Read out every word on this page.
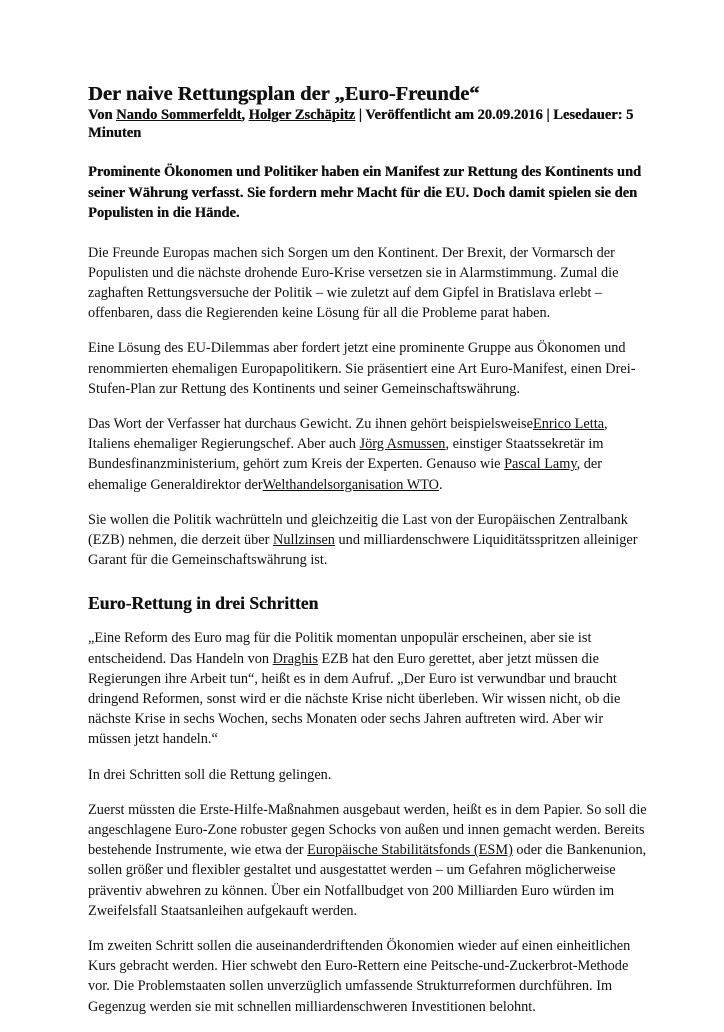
Der naive Rettungsplan der „Euro-Freunde“
Von Nando Sommerfeldt, Holger Zschäpitz | Veröffentlicht am 20.09.2016 | Lesedauer: 5 Minuten
Prominente Ökonomen und Politiker haben ein Manifest zur Rettung des Kontinents und seiner Währung verfasst. Sie fordern mehr Macht für die EU. Doch damit spielen sie den Populisten in die Hände.

Die Freunde Europas machen sich Sorgen um den Kontinent. Der Brexit, der Vormarsch der Populisten und die nächste drohende Euro-Krise versetzen sie in Alarmstimmung. Zumal die zaghaften Rettungsversuche der Politik – wie zuletzt auf dem Gipfel in Bratislava erlebt – offenbaren, dass die Regierenden keine Lösung für all die Probleme parat haben.

Eine Lösung des EU-Dilemmas aber fordert jetzt eine prominente Gruppe aus Ökonomen und renommierten ehemaligen Europapolitikern. Sie präsentiert eine Art Euro-Manifest, einen Drei-Stufen-Plan zur Rettung des Kontinents und seiner Gemeinschaftswährung.

Das Wort der Verfasser hat durchaus Gewicht. Zu ihnen gehört beispielsweiseEnrico Letta, Italiens ehemaliger Regierungschef. Aber auch Jörg Asmussen, einstiger Staatssekretär im Bundesfinanzministerium, gehört zum Kreis der Experten. Genauso wie Pascal Lamy, der ehemalige Generaldirektor derWelthandelsorganisation WTO.

Sie wollen die Politik wachrütteln und gleichzeitig die Last von der Europäischen Zentralbank (EZB) nehmen, die derzeit über Nullzinsen und milliardenschwere Liquiditätsspritzen alleiniger Garant für die Gemeinschaftswährung ist.

Euro-Rettung in drei Schritten

„Eine Reform des Euro mag für die Politik momentan unpopulär erscheinen, aber sie ist entscheidend. Das Handeln von Draghis EZB hat den Euro gerettet, aber jetzt müssen die Regierungen ihre Arbeit tun“, heißt es in dem Aufruf. „Der Euro ist verwundbar und braucht dringend Reformen, sonst wird er die nächste Krise nicht überleben. Wir wissen nicht, ob die nächste Krise in sechs Wochen, sechs Monaten oder sechs Jahren auftreten wird. Aber wir müssen jetzt handeln.“

In drei Schritten soll die Rettung gelingen.

Zuerst müssten die Erste-Hilfe-Maßnahmen ausgebaut werden, heißt es in dem Papier. So soll die angeschlagene Euro-Zone robuster gegen Schocks von außen und innen gemacht werden. Bereits bestehende Instrumente, wie etwa der Europäische Stabilitätsfonds (ESM) oder die Bankenunion, sollen größer und flexibler gestaltet und ausgestattet werden – um Gefahren möglicherweise präventiv abwehren zu können. Über ein Notfallbudget von 200 Milliarden Euro würden im Zweifelsfall Staatsanleihen aufgekauft werden.

Im zweiten Schritt sollen die auseinanderdriftenden Ökonomien wieder auf einen einheitlichen Kurs gebracht werden. Hier schwebt den Euro-Rettern eine Peitsche-und-Zuckerbrot-Methode vor. Die Problemstaaten sollen unverzüglich umfassende Strukturreformen durchführen. Im Gegenzug werden sie mit schnellen milliardenschweren Investitionen belohnt.
